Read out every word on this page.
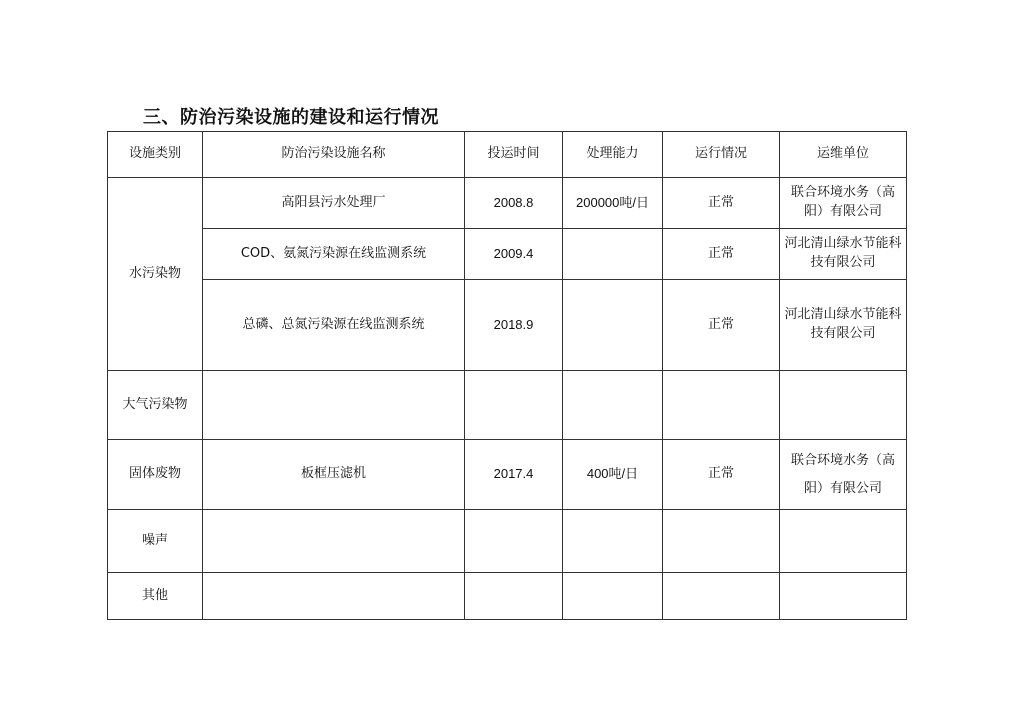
三、防治污染设施的建设和运行情况
设施类别	防治污染设施名称	投运时间	处理能力	运行情况	运维单位
水污染物	高阳县污水处理厂	2008.8	200000吨/日	正常	联合环境水务（高阳）有限公司
	COD、氨氮污染源在线监测系统	2009.4		正常	河北清山绿水节能科技有限公司
	总磷、总氮污染源在线监测系统	2018.9		正常	河北清山绿水节能科技有限公司
大气污染物					
固体废物	板框压滤机	2017.4	400吨/日	正常	联合环境水务（高阳）有限公司
噪声					
其他					
